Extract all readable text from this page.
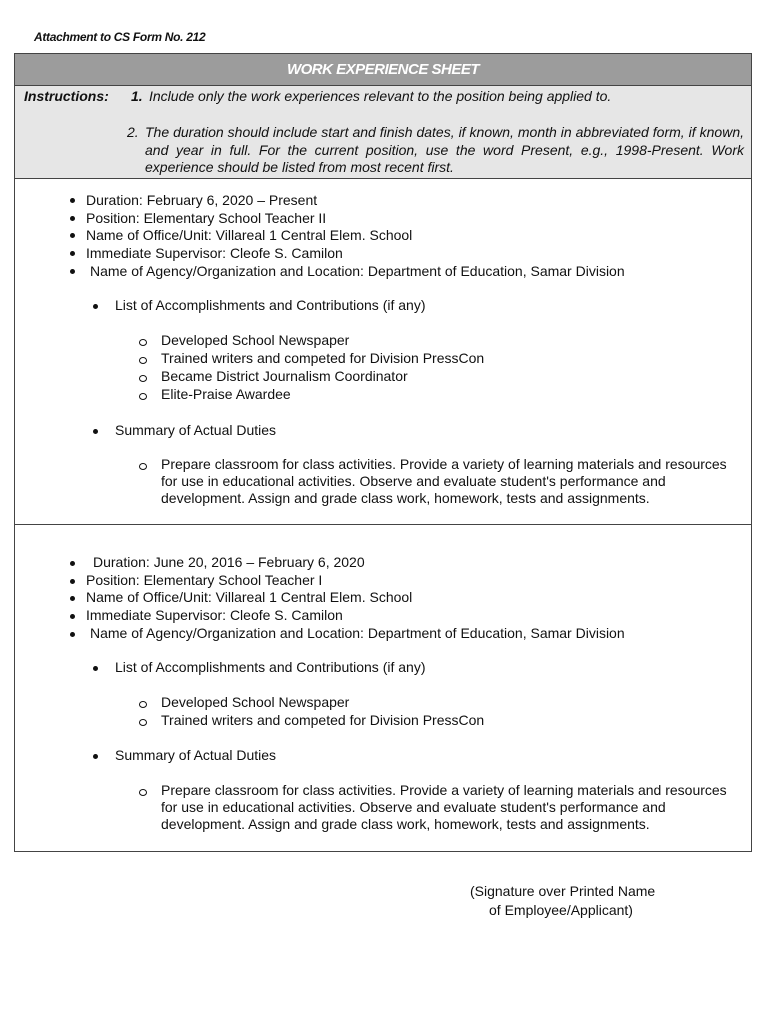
Attachment to CS Form No. 212
WORK EXPERIENCE SHEET
Instructions: 1. Include only the work experiences relevant to the position being applied to.
2. The duration should include start and finish dates, if known, month in abbreviated form, if known, and year in full. For the current position, use the word Present, e.g., 1998-Present. Work experience should be listed from most recent first.
Duration: February 6, 2020 – Present
Position: Elementary School Teacher II
Name of Office/Unit: Villareal 1 Central Elem. School
Immediate Supervisor: Cleofe S. Camilon
Name of Agency/Organization and Location: Department of Education, Samar Division
List of Accomplishments and Contributions (if any)
Developed School Newspaper
Trained writers and competed for Division PressCon
Became District Journalism Coordinator
Elite-Praise Awardee
Summary of Actual Duties
Prepare classroom for class activities. Provide a variety of learning materials and resources for use in educational activities. Observe and evaluate student's performance and development. Assign and grade class work, homework, tests and assignments.
Duration: June 20, 2016 – February 6, 2020
Position: Elementary School Teacher I
Name of Office/Unit: Villareal 1 Central Elem. School
Immediate Supervisor: Cleofe S. Camilon
Name of Agency/Organization and Location: Department of Education, Samar Division
List of Accomplishments and Contributions (if any)
Developed School Newspaper
Trained writers and competed for Division PressCon
Summary of Actual Duties
Prepare classroom for class activities. Provide a variety of learning materials and resources for use in educational activities. Observe and evaluate student's performance and development. Assign and grade class work, homework, tests and assignments.
(Signature over Printed Name
of Employee/Applicant)
